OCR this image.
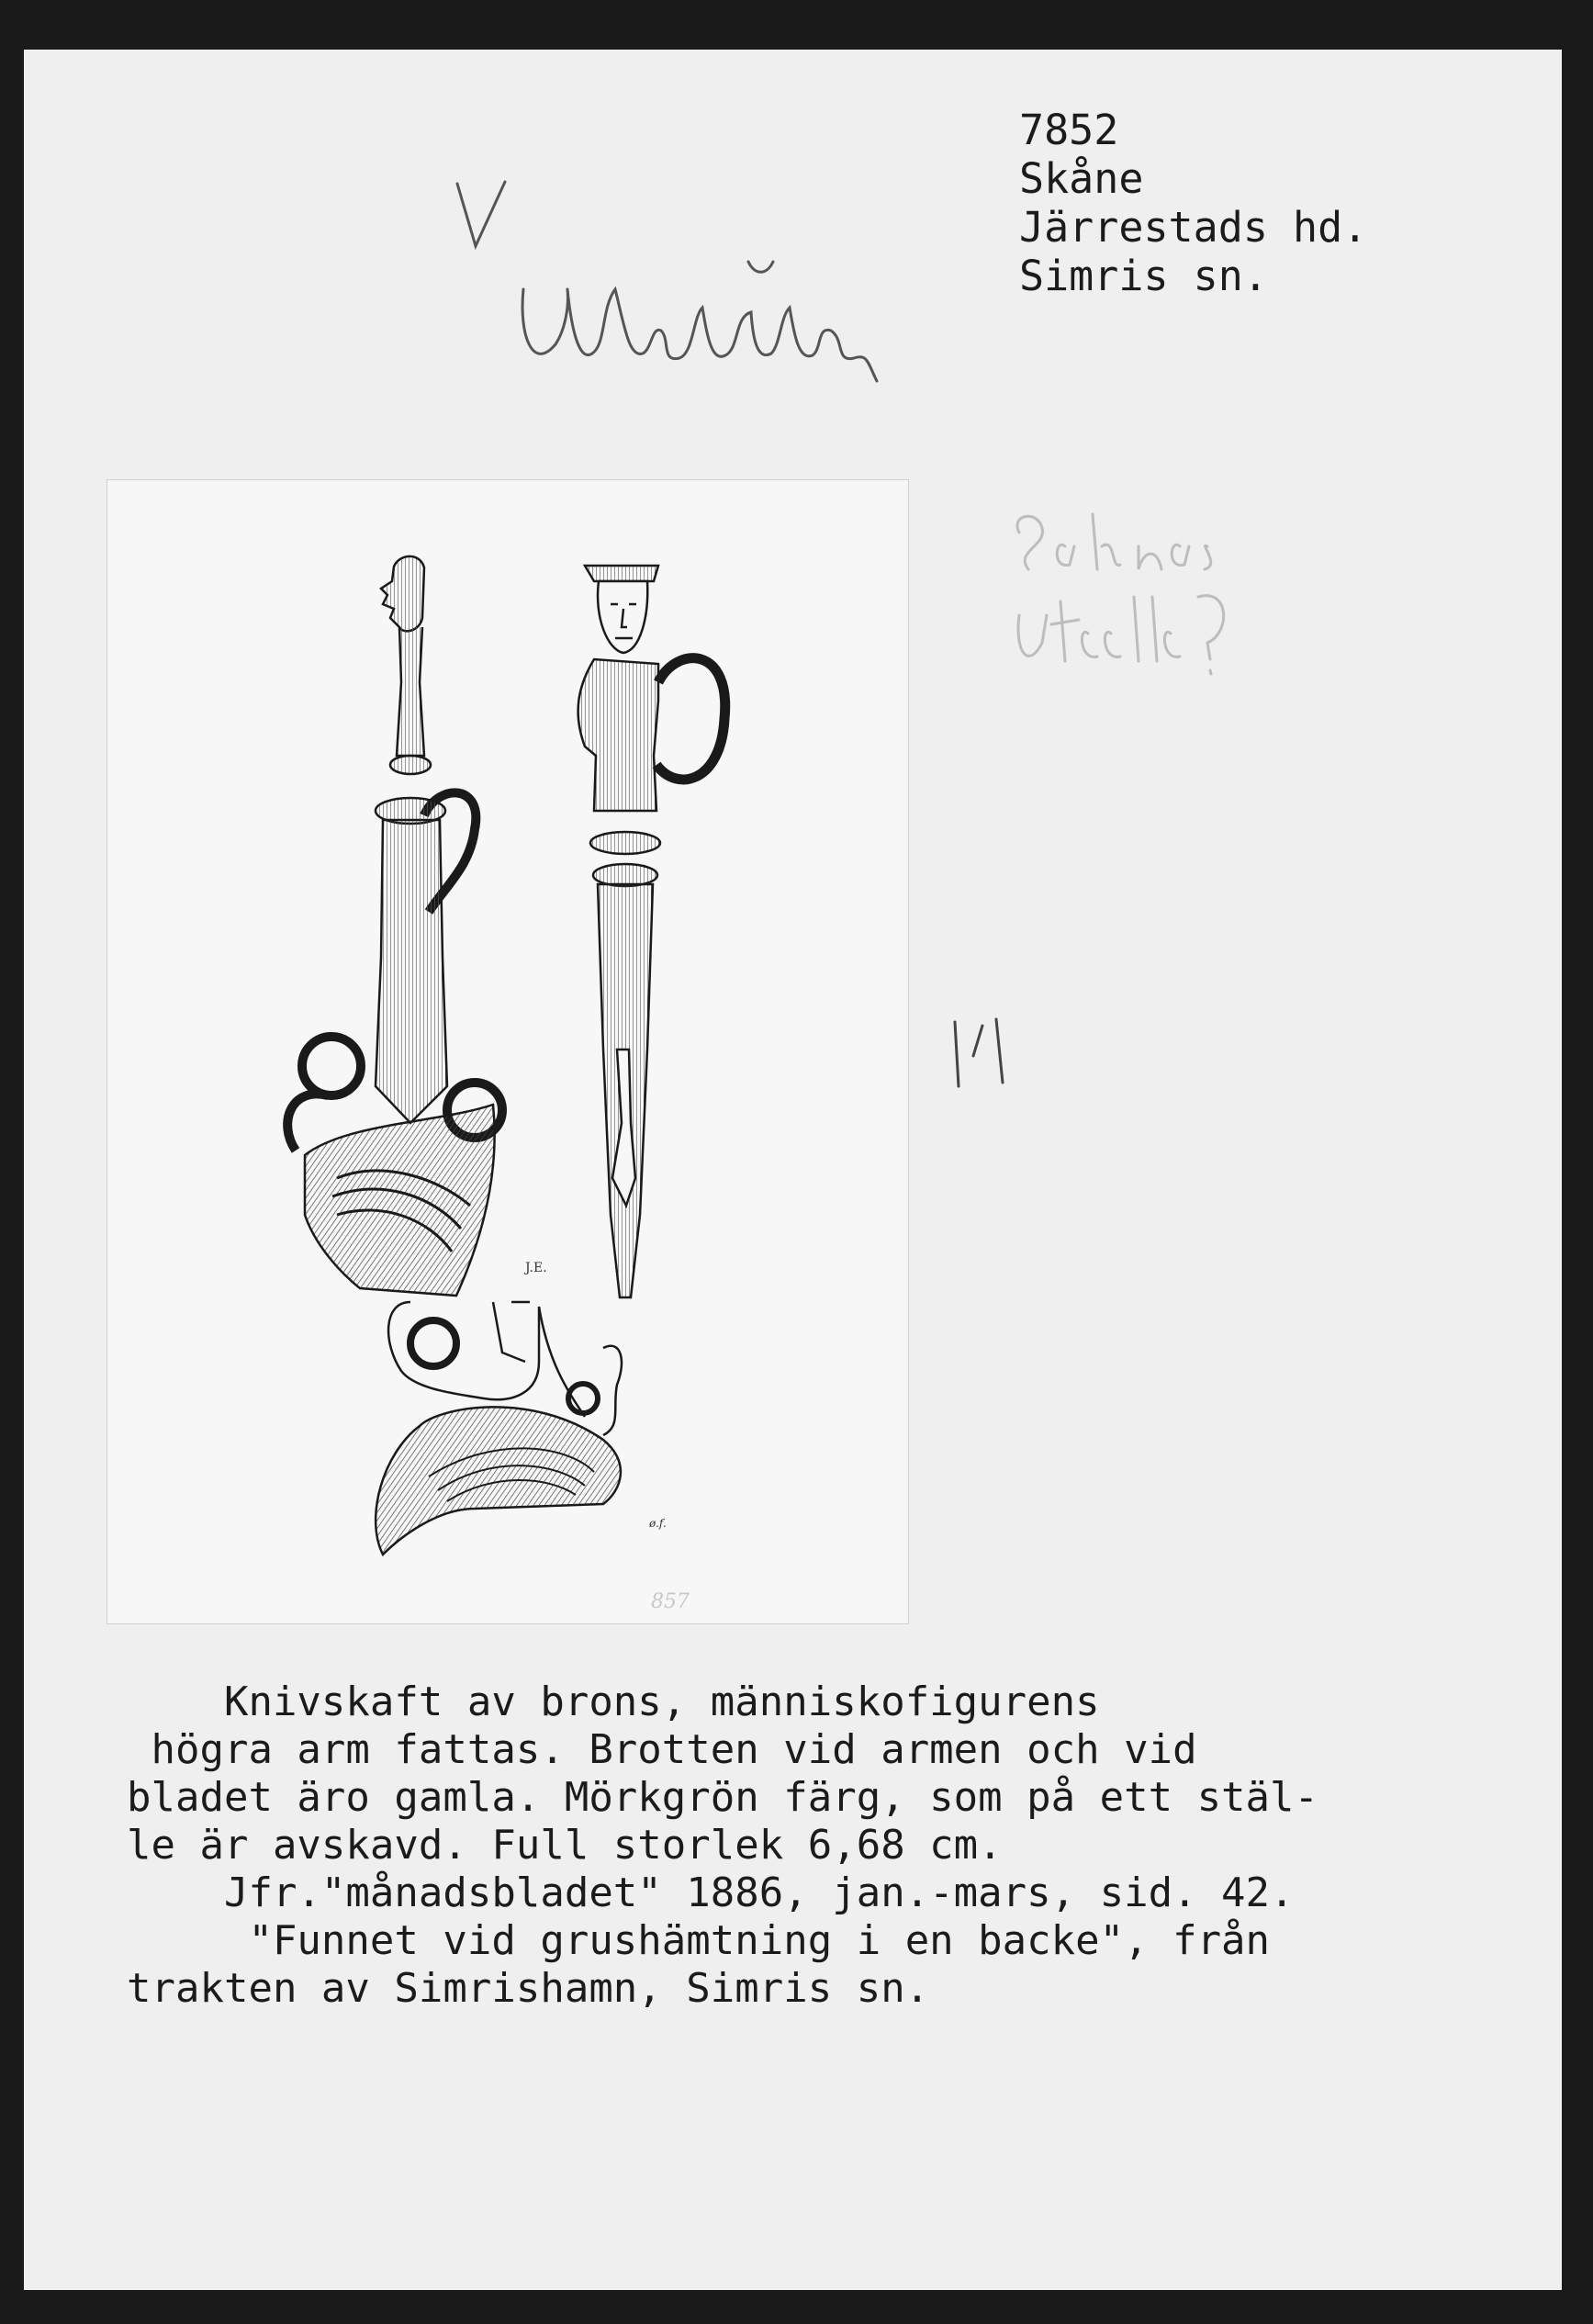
7852
Skåne
Järrestads hd.
Simris sn.
J.E.
ø.f.
857
Knivskaft av brons, människofigurens
högra arm fattas. Brotten vid armen och vid
bladet äro gamla. Mörkgrön färg, som på ett stäl-
le är avskavd. Full storlek 6,68 cm.
Jfr."månadsbladet" 1886, jan.-mars, sid. 42.
"Funnet vid grushämtning i en backe", från
trakten av Simrishamn, Simris sn.
